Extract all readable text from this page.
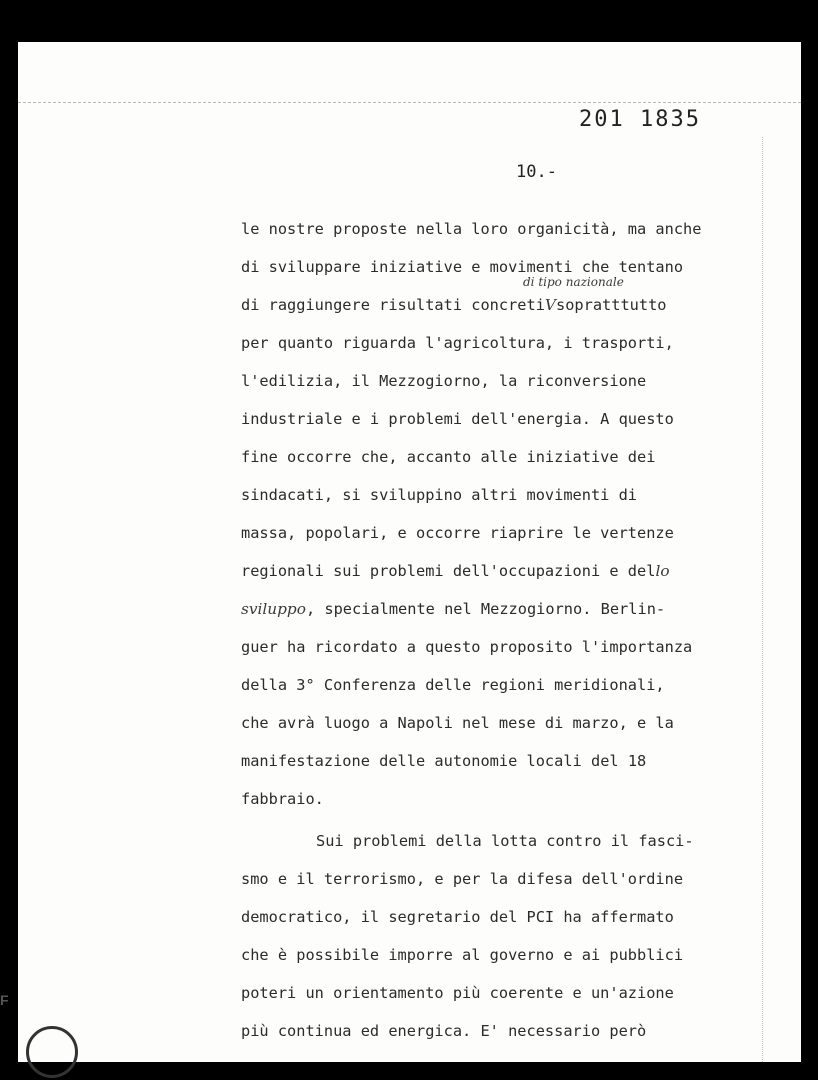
201 1835
10.-
di tipo nazionale
le nostre proposte nella loro organicità, ma anche
di sviluppare iniziative e movimenti che tentano
di raggiungere risultati concretiVsopratttutto
per quanto riguarda l'agricoltura, i trasporti,
l'edilizia, il Mezzogiorno, la riconversione
industriale e i problemi dell'energia. A questo
fine occorre che, accanto alle iniziative dei
sindacati, si sviluppino altri movimenti di
massa, popolari, e occorre riaprire le vertenze
regionali sui problemi dell'occupazioni e dello
sviluppo, specialmente nel Mezzogiorno. Berlin-
guer ha ricordato a questo proposito l'importanza
della 3° Conferenza delle regioni meridionali,
che avrà luogo a Napoli nel mese di marzo, e la
manifestazione delle autonomie locali del 18
fabbraio.
Sui problemi della lotta contro il fasci-
smo e il terrorismo, e per la difesa dell'ordine
democratico, il segretario del PCI ha affermato
che è possibile imporre al governo e ai pubblici
poteri un orientamento più coerente e un'azione
più continua ed energica. E' necessario però
F
